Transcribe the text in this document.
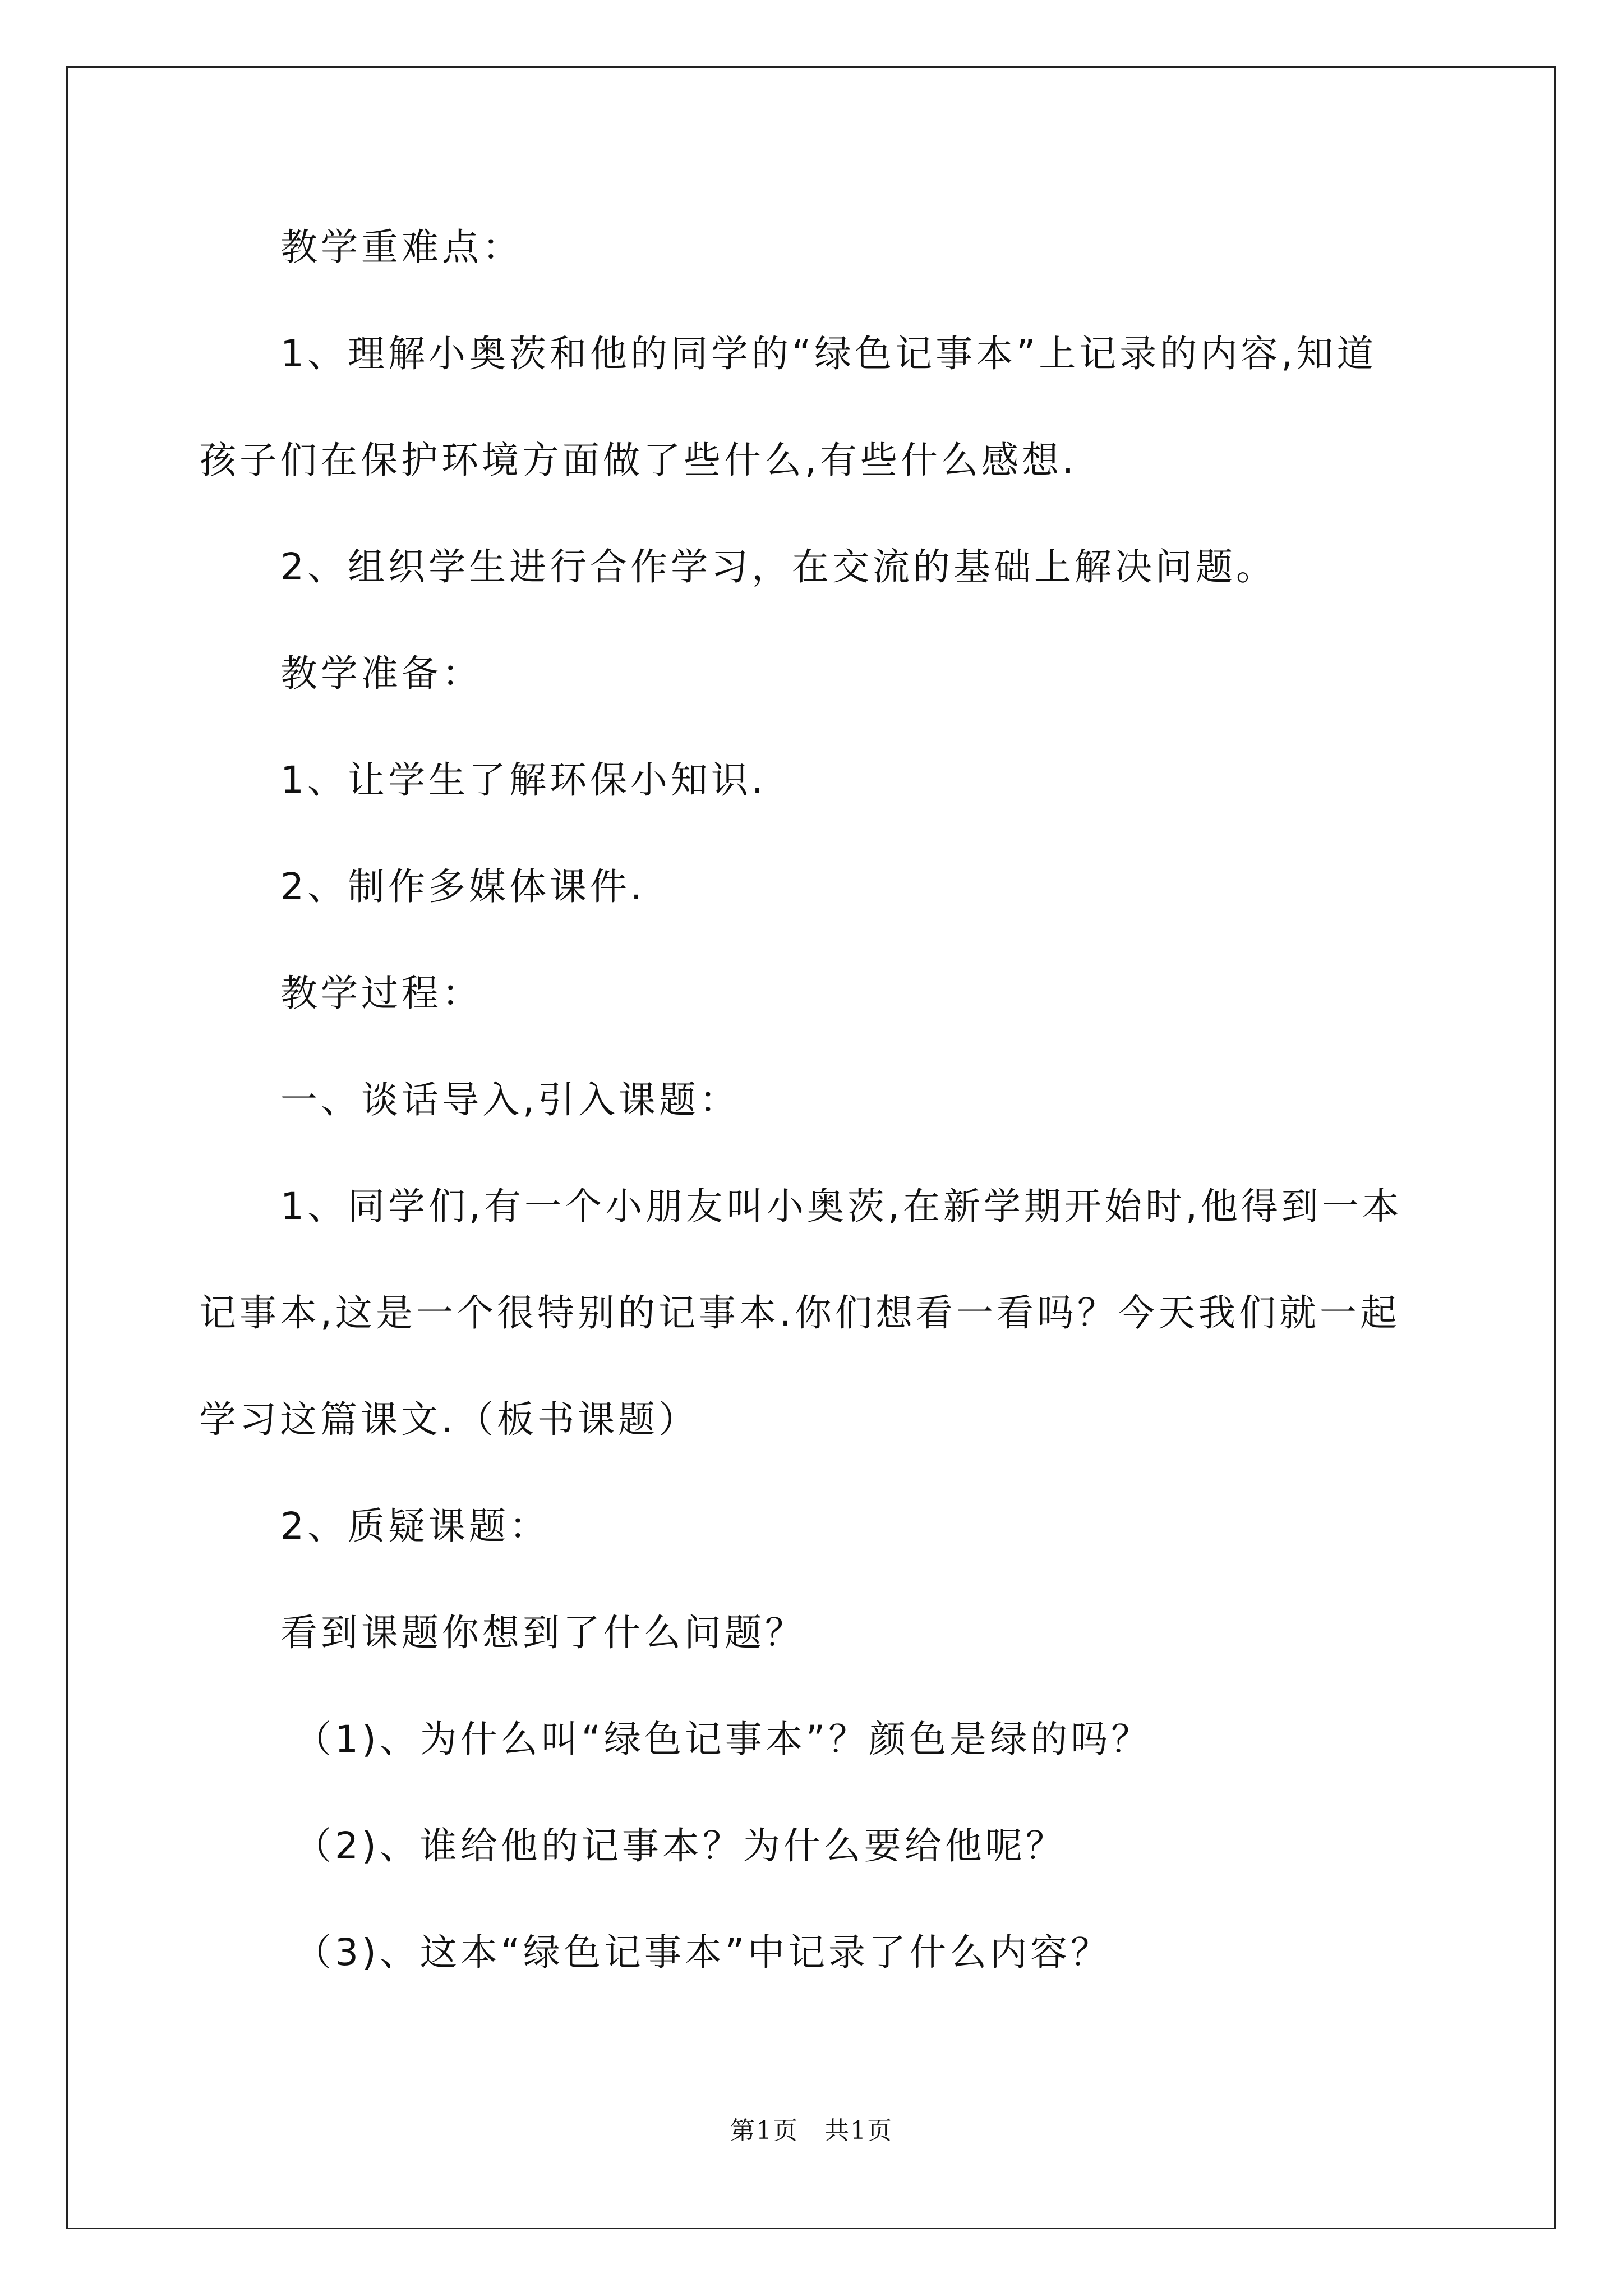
教学重难点：

1、理解小奥茨和他的同学的“绿色记事本”上记录的内容,知道

孩子们在保护环境方面做了些什么,有些什么感想.

2、组织学生进行合作学习，在交流的基础上解决问题。

教学准备：

1、让学生了解环保小知识.

2、制作多媒体课件.

教学过程：

一、谈话导入,引入课题：

1、同学们,有一个小朋友叫小奥茨,在新学期开始时,他得到一本

记事本,这是一个很特别的记事本.你们想看一看吗？今天我们就一起

学习这篇课文.（板书课题）

2、质疑课题：

看到课题你想到了什么问题？

（1)、为什么叫“绿色记事本”？颜色是绿的吗？

（2)、谁给他的记事本？为什么要给他呢？

（3)、这本“绿色记事本”中记录了什么内容？

第1页　共1页
